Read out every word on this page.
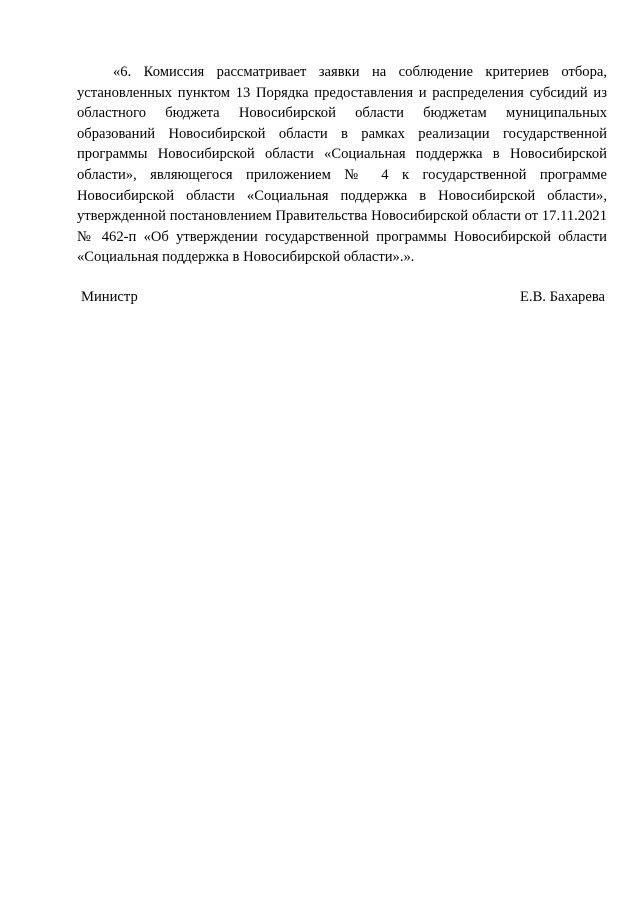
«6. Комиссия рассматривает заявки на соблюдение критериев отбора, установленных пунктом 13 Порядка предоставления и распределения субсидий из областного бюджета Новосибирской области бюджетам муниципальных образований Новосибирской области в рамках реализации государственной программы Новосибирской области «Социальная поддержка в Новосибирской области», являющегося приложением № 4 к государственной программе Новосибирской области «Социальная поддержка в Новосибирской области», утвержденной постановлением Правительства Новосибирской области от 17.11.2021 № 462-п «Об утверждении государственной программы Новосибирской области «Социальная поддержка в Новосибирской области».».

Министр	Е.В. Бахарева
